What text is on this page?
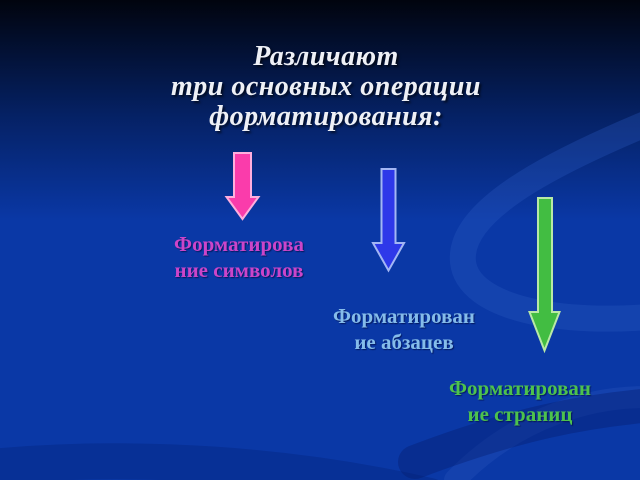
Различают
три основных операции
форматирования:
Форматирова
ние символов
Форматирован
ие абзацев
Форматирован
ие страниц
